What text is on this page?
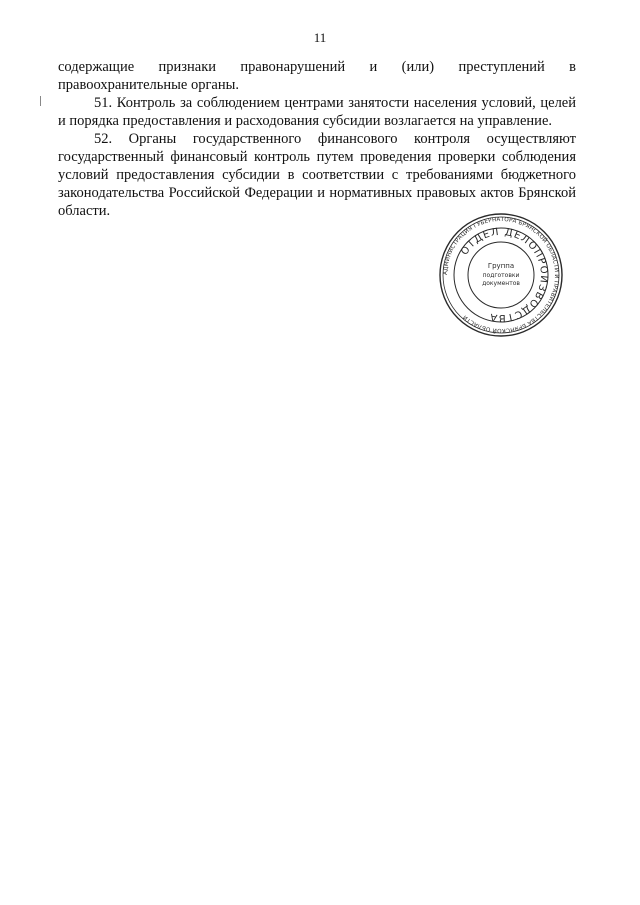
11

содержащие признаки правонарушений и (или) преступлений в правоохранительные органы.

51. Контроль за соблюдением центрами занятости населения условий, целей и порядка предоставления и расходования субсидии возлагается на управление.

52. Органы государственного финансового контроля осуществляют государственный финансовый контроль путем проведения проверки соблюдения условий предоставления субсидии в соответствии с требованиями бюджетного законодательства Российской Федерации и нормативных правовых актов Брянской области.

АДМИНИСТРАЦИЯ ГУБЕРНАТОРА БРЯНСКОЙ ОБЛАСТИ И ПРАВИТЕЛЬСТВА БРЯНСКОЙ ОБЛАСТИ
ОТДЕЛ ДЕЛОПРОИЗВОДСТВА
Группа
подготовки
документов
